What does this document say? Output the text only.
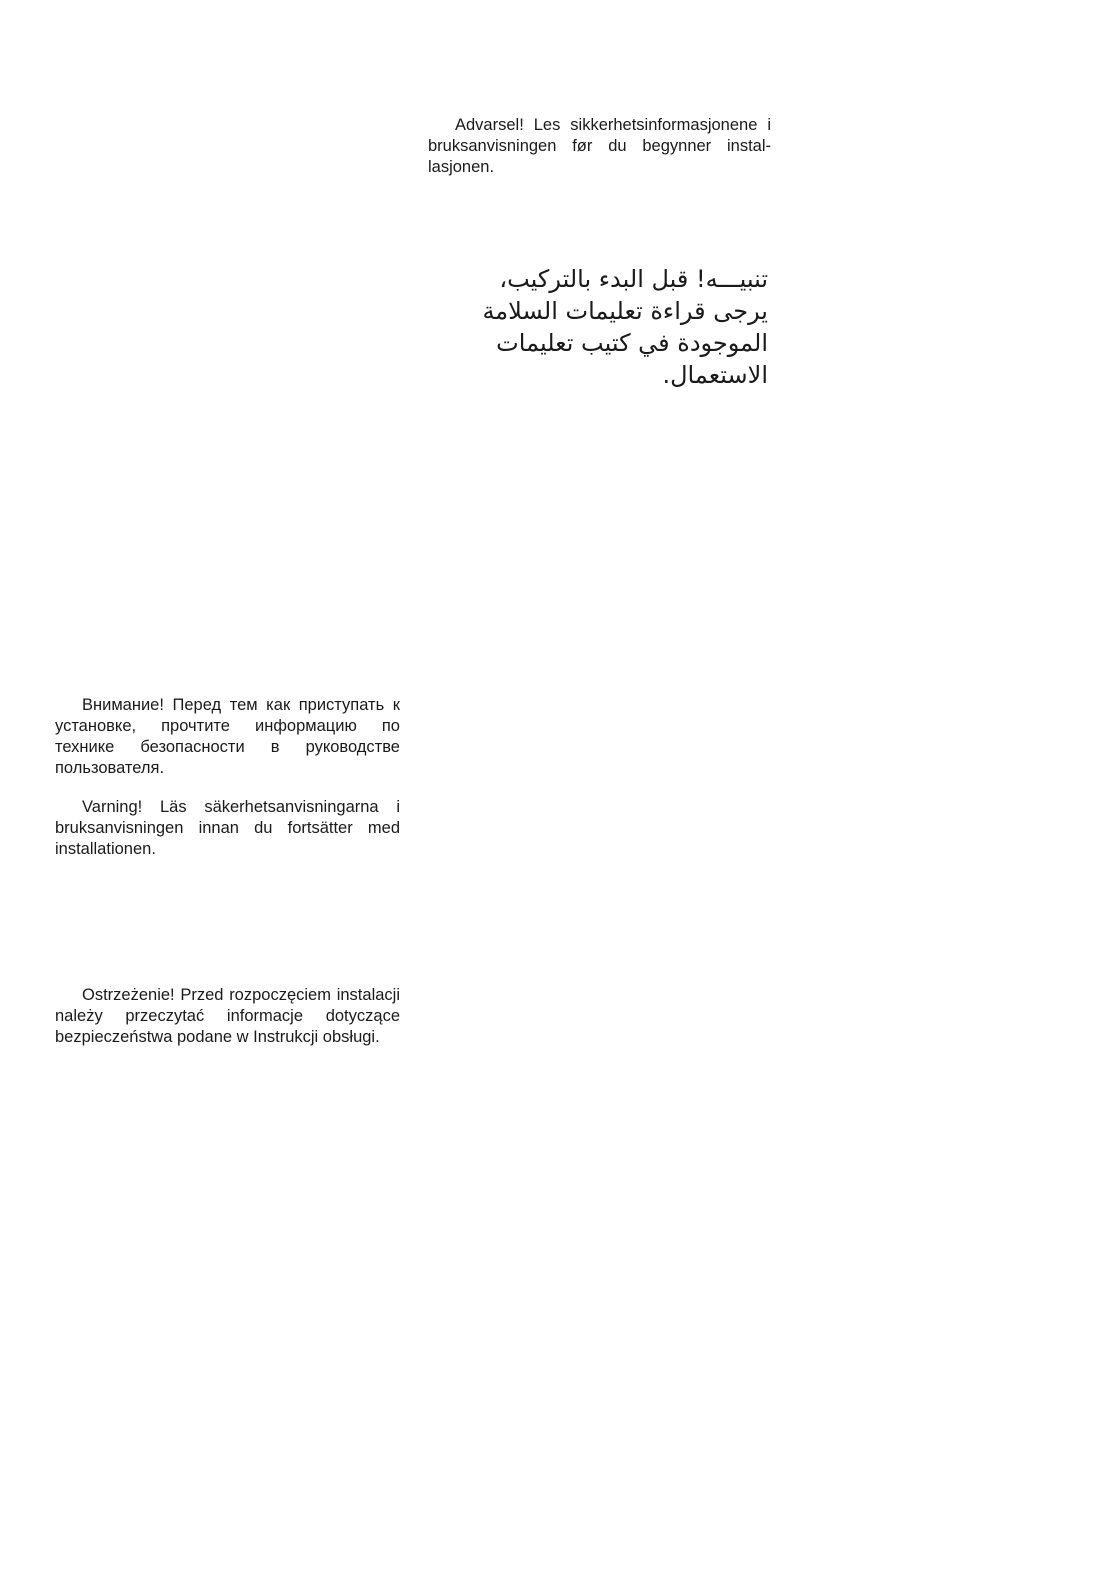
Advarsel! Les sikkerhetsinformasjonene i bruksanvisningen før du begynner installasjonen.

تنبيـــه! قبل البدء بالتركيب، يرجى قراءة تعليمات السلامة الموجودة في كتيب تعليمات الاستعمال.

Внимание! Перед тем как приступать к установке, прочтите информацию по технике безопасности в руководстве пользователя.

Varning! Läs säkerhetsanvisningarna i bruksanvisningen innan du fortsätter med installationen.

Ostrzeżenie! Przed rozpoczęciem instalacji należy przeczytać informacje dotyczące bezpieczeństwa podane w Instrukcji obsługi.
